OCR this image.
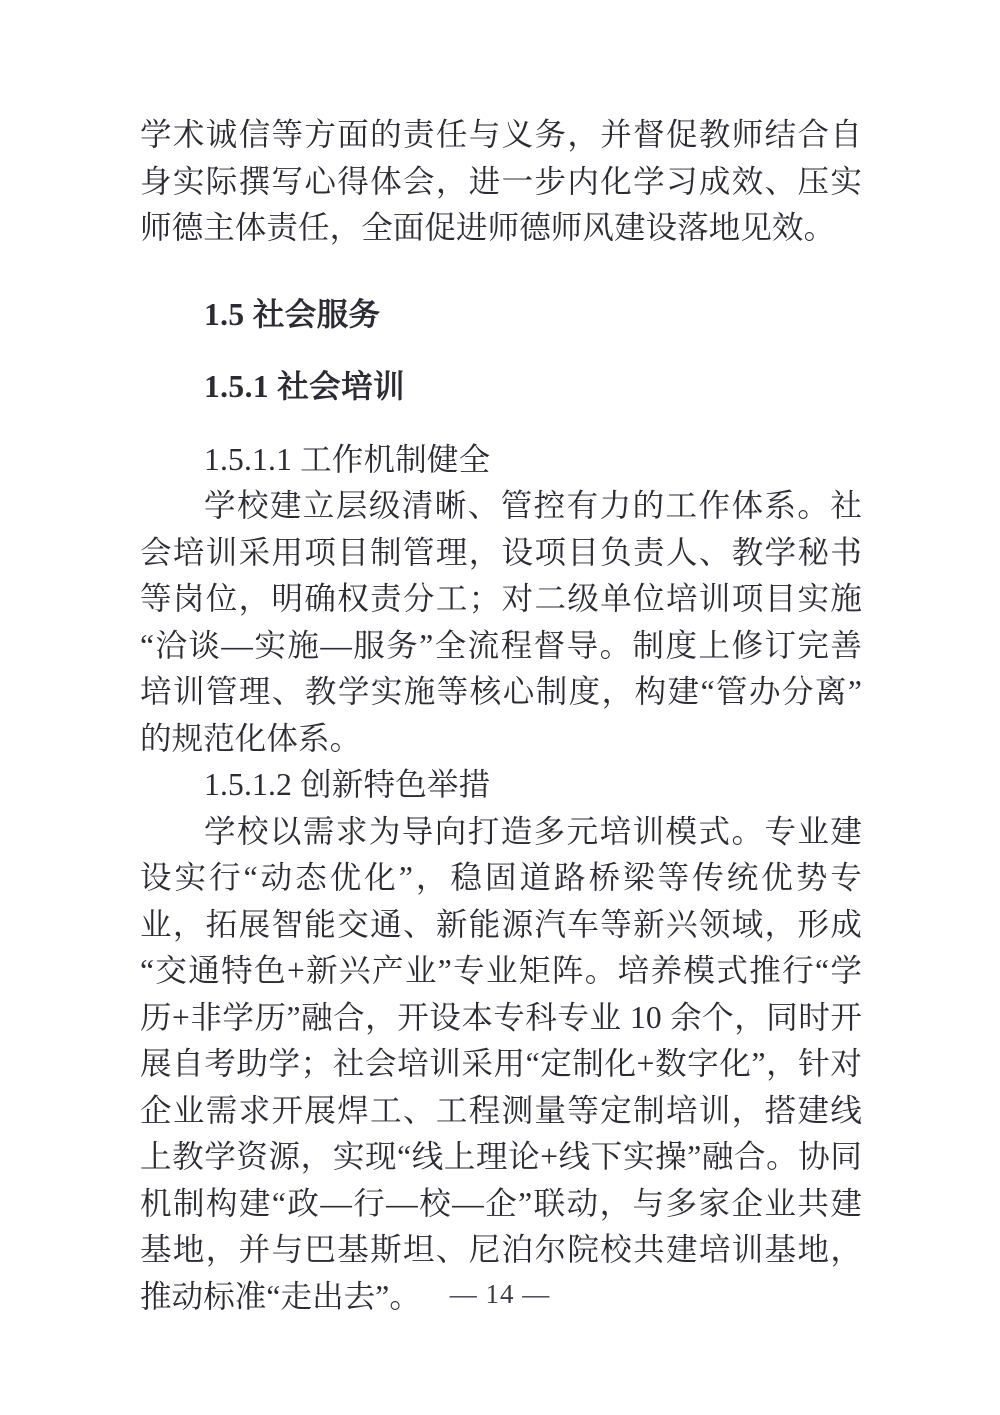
学术诚信等方面的责任与义务，并督促教师结合自身实际撰写心得体会，进一步内化学习成效、压实师德主体责任，全面促进师德师风建设落地见效。

1.5 社会服务
1.5.1 社会培训
1.5.1.1 工作机制健全

学校建立层级清晰、管控有力的工作体系。社会培训采用项目制管理，设项目负责人、教学秘书等岗位，明确权责分工；对二级单位培训项目实施“洽谈—实施—服务”全流程督导。制度上修订完善培训管理、教学实施等核心制度，构建“管办分离”的规范化体系。

1.5.1.2 创新特色举措

学校以需求为导向打造多元培训模式。专业建设实行“动态优化”，稳固道路桥梁等传统优势专业，拓展智能交通、新能源汽车等新兴领域，形成“交通特色+新兴产业”专业矩阵。培养模式推行“学历+非学历”融合，开设本专科专业 10 余个，同时开展自考助学；社会培训采用“定制化+数字化”，针对企业需求开展焊工、工程测量等定制培训，搭建线上教学资源，实现“线上理论+线下实操”融合。协同机制构建“政—行—校—企”联动，与多家企业共建基地，并与巴基斯坦、尼泊尔院校共建培训基地，推动标准“走出去”。	— 14 —
